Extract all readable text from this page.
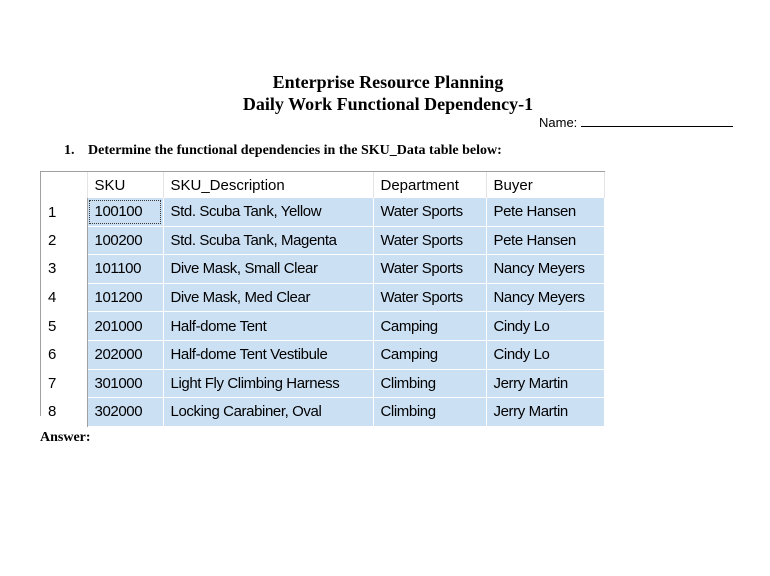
Enterprise Resource Planning
Daily Work Functional Dependency-1
Name:
1. Determine the functional dependencies in the SKU_Data table below:
	SKU	SKU_Description	Department	Buyer
1	100100	Std. Scuba Tank, Yellow	Water Sports	Pete Hansen
2	100200	Std. Scuba Tank, Magenta	Water Sports	Pete Hansen
3	101100	Dive Mask, Small Clear	Water Sports	Nancy Meyers
4	101200	Dive Mask, Med Clear	Water Sports	Nancy Meyers
5	201000	Half-dome Tent	Camping	Cindy Lo
6	202000	Half-dome Tent Vestibule	Camping	Cindy Lo
7	301000	Light Fly Climbing Harness	Climbing	Jerry Martin
8	302000	Locking Carabiner, Oval	Climbing	Jerry Martin
Answer:
